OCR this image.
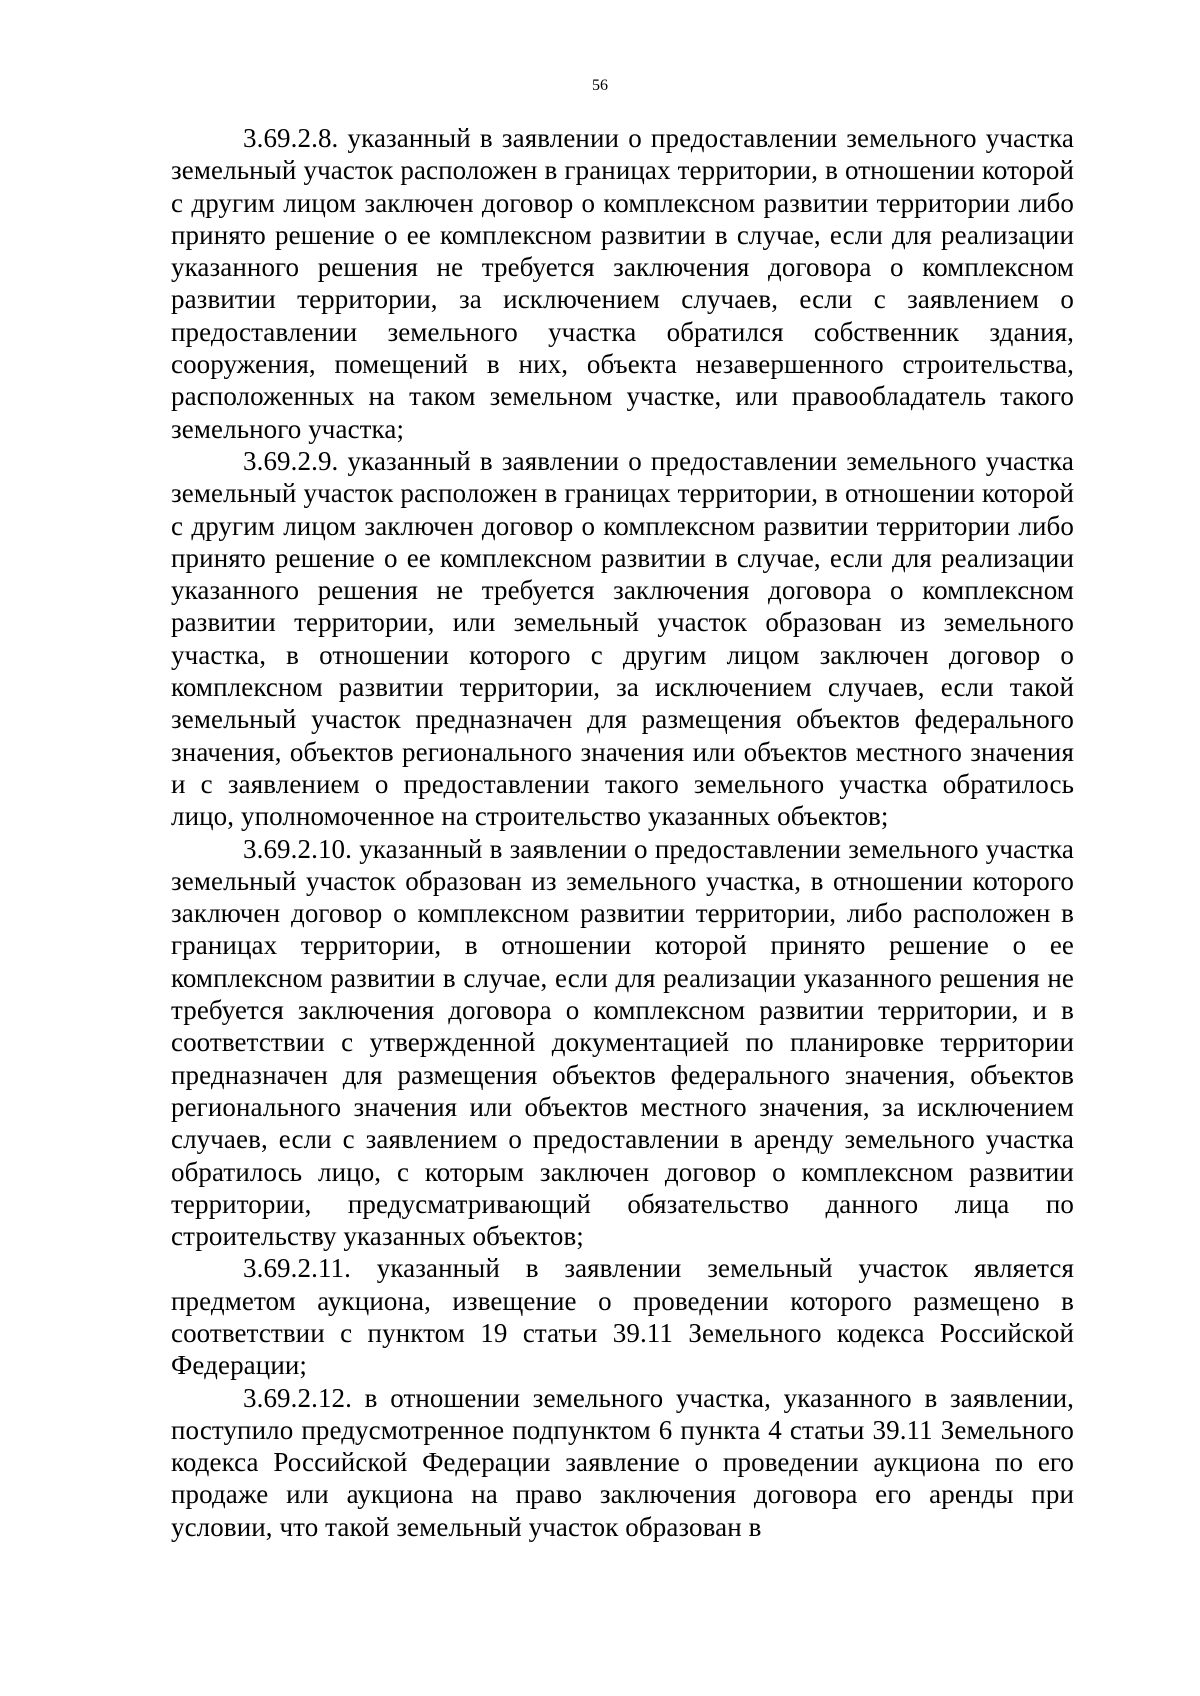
56

3.69.2.8. указанный в заявлении о предоставлении земельного участка земельный участок расположен в границах территории, в отношении которой с другим лицом заключен договор о комплексном развитии территории либо принято решение о ее комплексном развитии в случае, если для реализации указанного решения не требуется заключения договора о комплексном развитии территории, за исключением случаев, если с заявлением о предоставлении земельного участка обратился собственник здания, сооружения, помещений в них, объекта незавершенного строительства, расположенных на таком земельном участке, или правообладатель такого земельного участка;

3.69.2.9. указанный в заявлении о предоставлении земельного участка земельный участок расположен в границах территории, в отношении которой с другим лицом заключен договор о комплексном развитии территории либо принято решение о ее комплексном развитии в случае, если для реализации указанного решения не требуется заключения договора о комплексном развитии территории, или земельный участок образован из земельного участка, в отношении которого с другим лицом заключен договор о комплексном развитии территории, за исключением случаев, если такой земельный участок предназначен для размещения объектов федерального значения, объектов регионального значения или объектов местного значения и с заявлением о предоставлении такого земельного участка обратилось лицо, уполномоченное на строительство указанных объектов;

3.69.2.10. указанный в заявлении о предоставлении земельного участка земельный участок образован из земельного участка, в отношении которого заключен договор о комплексном развитии территории, либо расположен в границах территории, в отношении которой принято решение о ее комплексном развитии в случае, если для реализации указанного решения не требуется заключения договора о комплексном развитии территории, и в соответствии с утвержденной документацией по планировке территории предназначен для размещения объектов федерального значения, объектов регионального значения или объектов местного значения, за исключением случаев, если с заявлением о предоставлении в аренду земельного участка обратилось лицо, с которым заключен договор о комплексном развитии территории, предусматривающий обязательство данного лица по строительству указанных объектов;

3.69.2.11. указанный в заявлении земельный участок является предметом аукциона, извещение о проведении которого размещено в соответствии с пунктом 19 статьи 39.11 Земельного кодекса Российской Федерации;

3.69.2.12. в отношении земельного участка, указанного в заявлении, поступило предусмотренное подпунктом 6 пункта 4 статьи 39.11 Земельного кодекса Российской Федерации заявление о проведении аукциона по его продаже или аукциона на право заключения договора его аренды при условии, что такой земельный участок образован в
